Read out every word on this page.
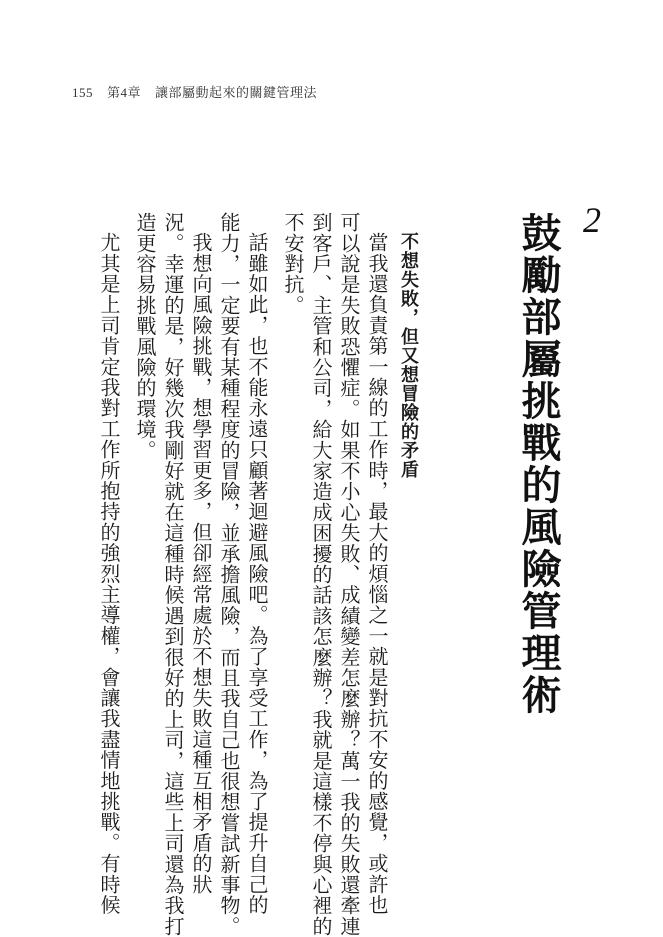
155 第4章 讓部屬動起來的關鍵管理法
2
鼓勵部屬挑戰的風險管理術
不想失敗，但又想冒險的矛盾
當我還負責第一線的工作時，最大的煩惱之一就是對抗不安的感覺，或許也
可以說是失敗恐懼症。如果不小心失敗、成績變差怎麼辦？萬一我的失敗還牽連
到客戶、主管和公司，給大家造成困擾的話該怎麼辦？我就是這樣不停與心裡的
不安對抗。
話雖如此，也不能永遠只顧著迴避風險吧。為了享受工作，為了提升自己的
能力，一定要有某種程度的冒險，並承擔風險，而且我自己也很想嘗試新事物。
我想向風險挑戰，想學習更多，但卻經常處於不想失敗這種互相矛盾的狀
況。幸運的是，好幾次我剛好就在這種時候遇到很好的上司，這些上司還為我打
造更容易挑戰風險的環境。
尤其是上司肯定我對工作所抱持的強烈主導權，會讓我盡情地挑戰。有時候
